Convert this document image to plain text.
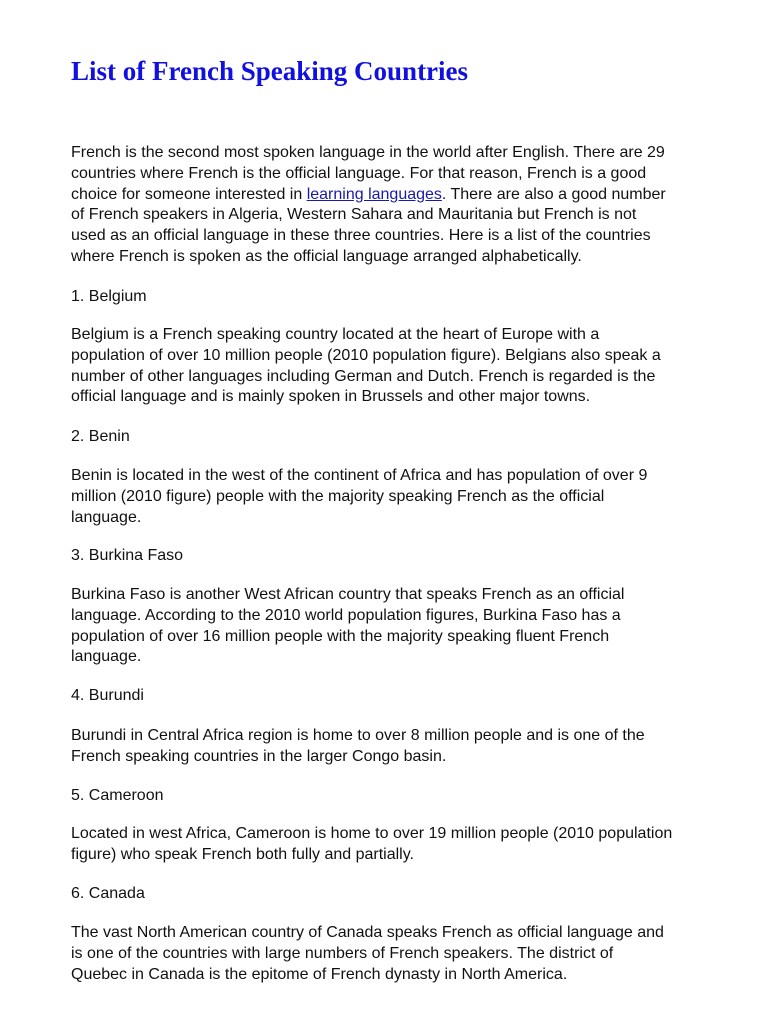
List of French Speaking Countries

French is the second most spoken language in the world after English. There are 29
countries where French is the official language. For that reason, French is a good
choice for someone interested in learning languages. There are also a good number
of French speakers in Algeria, Western Sahara and Mauritania but French is not
used as an official language in these three countries. Here is a list of the countries
where French is spoken as the official language arranged alphabetically.

1. Belgium

Belgium is a French speaking country located at the heart of Europe with a
population of over 10 million people (2010 population figure). Belgians also speak a
number of other languages including German and Dutch. French is regarded is the
official language and is mainly spoken in Brussels and other major towns.

2. Benin

Benin is located in the west of the continent of Africa and has population of over 9
million (2010 figure) people with the majority speaking French as the official
language.

3. Burkina Faso

Burkina Faso is another West African country that speaks French as an official
language. According to the 2010 world population figures, Burkina Faso has a
population of over 16 million people with the majority speaking fluent French
language.

4. Burundi

Burundi in Central Africa region is home to over 8 million people and is one of the
French speaking countries in the larger Congo basin.

5. Cameroon

Located in west Africa, Cameroon is home to over 19 million people (2010 population
figure) who speak French both fully and partially.

6. Canada

The vast North American country of Canada speaks French as official language and
is one of the countries with large numbers of French speakers. The district of
Quebec in Canada is the epitome of French dynasty in North America.
